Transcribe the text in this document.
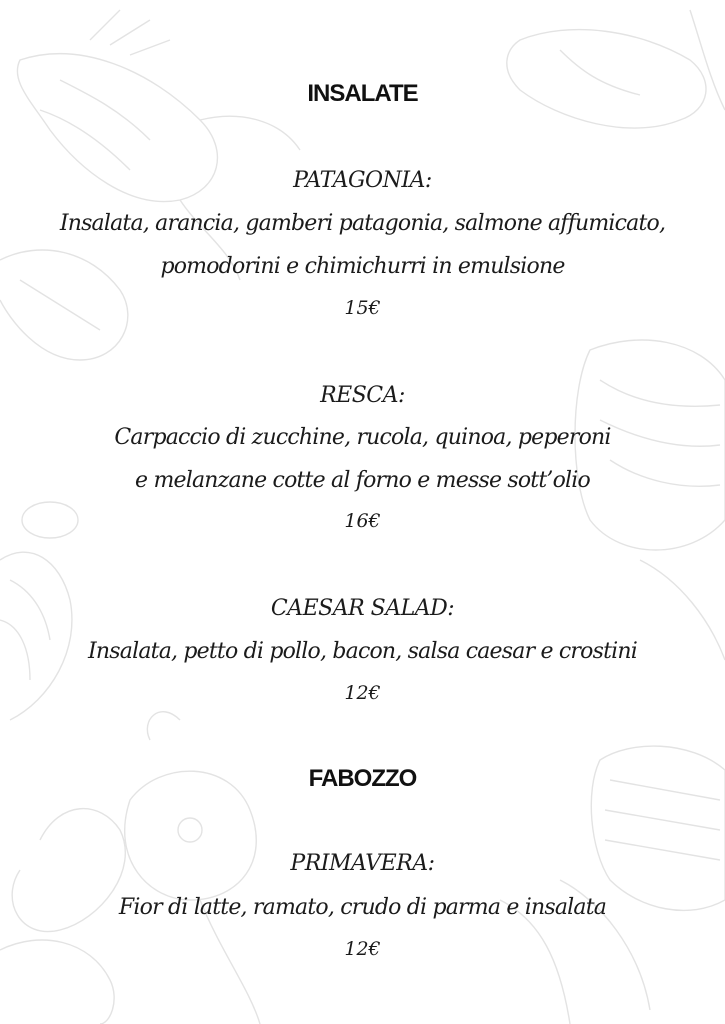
INSALATE
PATAGONIA:
Insalata, arancia, gamberi patagonia, salmone affumicato,
pomodorini e chimichurri in emulsione
15€
RESCA:
Carpaccio di zucchine, rucola, quinoa, peperoni
e melanzane cotte al forno e messe sott’olio
16€
CAESAR SALAD:
Insalata, petto di pollo, bacon, salsa caesar e crostini
12€
FABOZZO
PRIMAVERA:
Fior di latte, ramato, crudo di parma e insalata
12€
